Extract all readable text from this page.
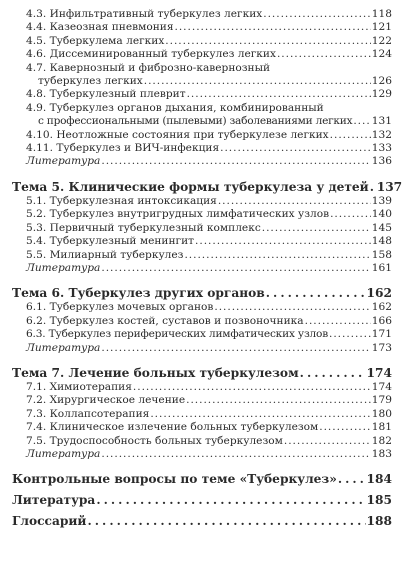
4.3. Инфильтративный туберкулез легких . . .	118
4.4. Казеозная пневмония . . .	121
4.5. Туберкулема легких . . .	122
4.6. Диссеминированный туберкулез легких . . .	124
4.7. Кавернозный и фиброзно-кавернозный
туберкулез легких . . .	126
4.8. Туберкулезный плеврит . . .	129
4.9. Туберкулез органов дыхания, комбинированный
с профессиональными (пылевыми) заболеваниями легких . . . 131
4.10. Неотложные состояния при туберкулезе легких . . .	132
4.11. Туберкулез и ВИЧ-инфекция . . .	133
Литература . . .	136
Тема 5. Клинические формы туберкулеза у детей . . . 137
5.1. Туберкулезная интоксикация . . .	139
5.2. Туберкулез внутригрудных лимфатических узлов . . .	140
5.3. Первичный туберкулезный комплекс . . .	145
5.4. Туберкулезный менингит . . .	148
5.5. Милиарный туберкулез . . .	158
Литература . . .	161
Тема 6. Туберкулез других органов . . .	162
6.1. Туберкулез мочевых органов . . .	162
6.2. Туберкулез костей, суставов и позвоночника . . .	166
6.3. Туберкулез периферических лимфатических узлов . . .	171
Литература . . .	173
Тема 7. Лечение больных туберкулезом . . .	174
7.1. Химиотерапия . . .	174
7.2. Хирургическое лечение . . .	179
7.3. Коллапсотерапия . . .	180
7.4. Клиническое излечение больных туберкулезом . . .	181
7.5. Трудоспособность больных туберкулезом . . .	182
Литература . . .	183
Контрольные вопросы по теме «Туберкулез» . . . 184
Литература . . .	185
Глоссарий . . .	188
